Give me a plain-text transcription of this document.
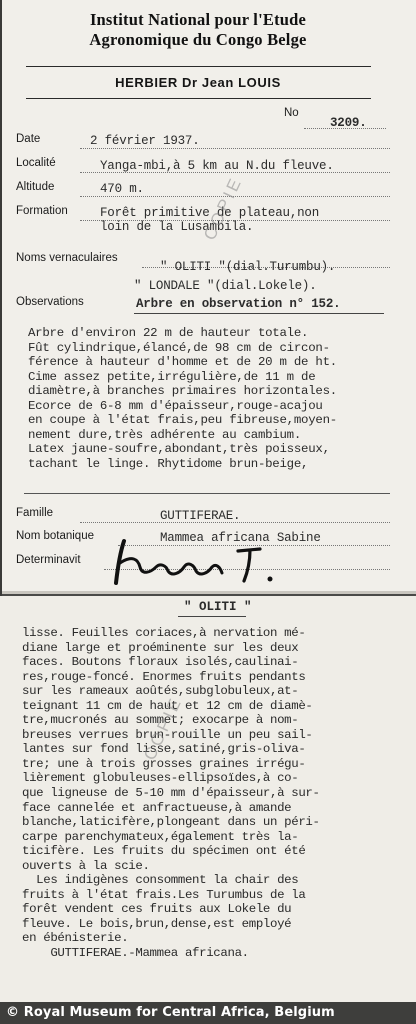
Institut National pour l'Etude
Agronomique du Congo Belge
HERBIER Dr Jean LOUIS
No
3209.
Date	2 février 1937.
Localité	Yanga-mbi,à 5 km au N.du fleuve.
Altitude	470 m.
Formation	Forêt primitive de plateau,non
loin de la Lusambila.
Noms vernaculaires
" OLITI "(dial.Turumbu).
" LONDALE "(dial.Lokele).
Observations	Arbre en observation n° 152.
Arbre d'environ 22 m de hauteur totale.
Fût cylindrique,élancé,de 98 cm de circon-
férence à hauteur d'homme et de 20 m de ht.
Cime assez petite,irrégulière,de 11 m de
diamètre,à branches primaires horizontales.
Ecorce de 6-8 mm d'épaisseur,rouge-acajou
en coupe à l'état frais,peu fibreuse,moyen-
nement dure,très adhérente au cambium.
Latex jaune-soufre,abondant,très poisseux,
tachant le linge. Rhytidome brun-beige,
Famille	GUTTIFERAE.
Nom botanique	Mammea africana Sabine
Determinavit
COPIE
" OLITI "
lisse. Feuilles coriaces,à nervation mé-
diane large et proéminente sur les deux
faces. Boutons floraux isolés,caulinai-
res,rouge-foncé. Enormes fruits pendants
sur les rameaux aoûtés,subglobuleux,at-
teignant 11 cm de haut et 12 cm de diamè-
tre,mucronés au sommet; exocarpe à nom-
breuses verrues brun-rouille un peu sail-
lantes sur fond lisse,satiné,gris-oliva-
tre; une à trois grosses graines irrégu-
lièrement globuleuses-ellipsoïdes,à co-
que ligneuse de 5-10 mm d'épaisseur,à sur-
face cannelée et anfractueuse,à amande
blanche,laticifère,plongeant dans un péri-
carpe parenchymateux,également très la-
ticifère. Les fruits du spécimen ont été
ouverts à la scie.
Les indigènes consomment la chair des
fruits à l'état frais.Les Turumbus de la
forêt vendent ces fruits aux Lokele du
fleuve. Le bois,brun,dense,est employé
en ébénisterie.
GUTTIFERAE.-Mammea africana.
COPIE
© Royal Museum for Central Africa, Belgium
